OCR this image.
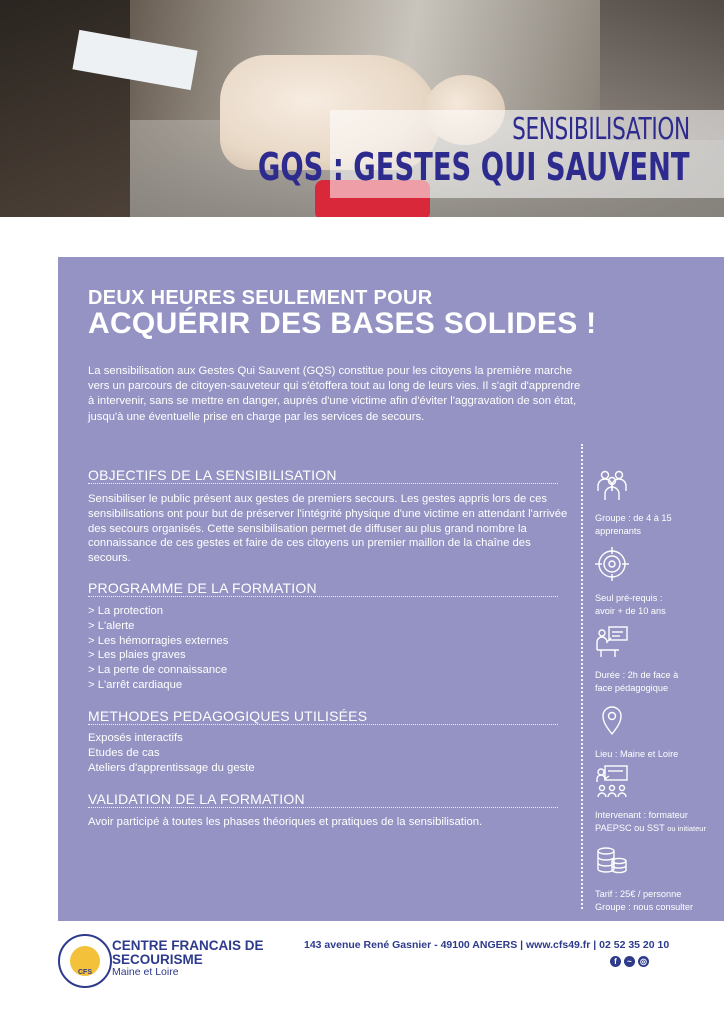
SENSIBILISATION
GQS : GESTES QUI SAUVENT
DEUX HEURES SEULEMENT POUR
ACQUÉRIR DES BASES SOLIDES !
La sensibilisation aux Gestes Qui Sauvent (GQS) constitue pour les citoyens la première marche vers un parcours de citoyen-sauveteur qui s'étoffera tout au long de leurs vies. Il s'agit d'apprendre à intervenir, sans se mettre en danger, auprès d'une victime afin d'éviter l'aggravation de son état, jusqu'à une éventuelle prise en charge par les services de secours.
OBJECTIFS DE LA SENSIBILISATION
Sensibiliser le public présent aux gestes de premiers secours. Les gestes appris lors de ces sensibilisations ont pour but de préserver l'intégrité physique d'une victime en attendant l'arrivée des secours organisés. Cette sensibilisation permet de diffuser au plus grand nombre la connaissance de ces gestes et faire de ces citoyens un premier maillon de la chaîne des secours.
PROGRAMME DE LA FORMATION
> La protection
> L'alerte
> Les hémorragies externes
> Les plaies graves
> La perte de connaissance
> L'arrêt cardiaque
METHODES PEDAGOGIQUES UTILISÉES
Exposés interactifs
Etudes de cas
Ateliers d'apprentissage du geste
VALIDATION DE LA FORMATION
Avoir participé à toutes les phases théoriques et pratiques de la sensibilisation.
Groupe : de 4 à 15
apprenants
Seul pré-requis :
avoir + de 10 ans
Durée : 2h de face à
face pédagogique
Lieu : Maine et Loire
Intervenant : formateur
PAEPSC ou SST ou initiateur
Tarif : 25€ / personne
Groupe : nous consulter
CFS
CENTRE FRANCAIS DE
SECOURISME
Maine et Loire
143 avenue René Gasnier - 49100 ANGERS | www.cfs49.fr | 02 52 35 20 10
f	~	◎
